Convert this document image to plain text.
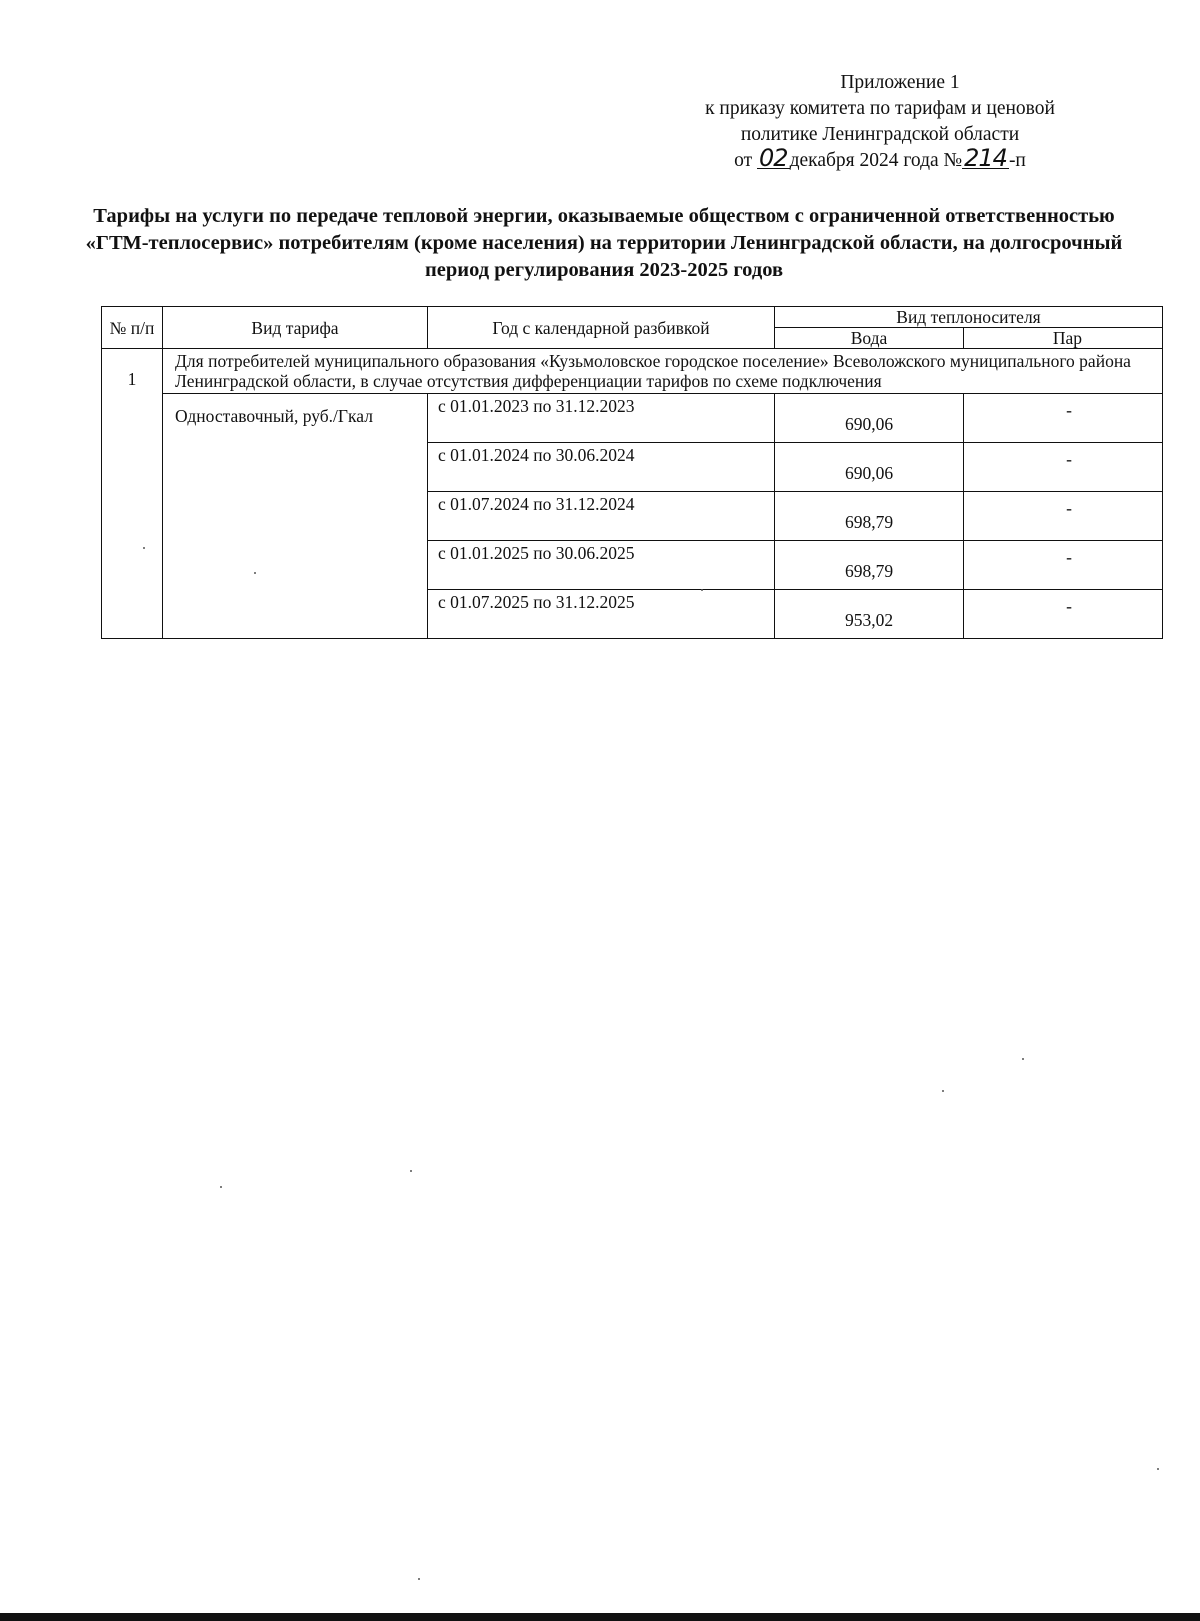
Приложение 1
к приказу комитета по тарифам и ценовой
политике Ленинградской области
от 02 декабря 2024 года №214 -п
Тарифы на услуги по передаче тепловой энергии, оказываемые обществом с ограниченной ответственностью «ГТМ-теплосервис» потребителям (кроме населения) на территории Ленинградской области, на долгосрочный период регулирования 2023-2025 годов
№ п/п	Вид тарифа	Год с календарной разбивкой	Вид теплоносителя	
			Вода	Пар
1	Для потребителей муниципального образования «Кузьмоловское городское поселение» Всеволожского муниципального района Ленинградской области, в случае отсутствия дифференциации тарифов по схеме подключения			
	Одноставочный, руб./Гкал	с 01.01.2023 по 31.12.2023	690,06	-
		с 01.01.2024 по 30.06.2024	690,06	-
		с 01.07.2024 по 31.12.2024	698,79	-
		с 01.01.2025 по 30.06.2025	698,79	-
		с 01.07.2025 по 31.12.2025	953,02	-
